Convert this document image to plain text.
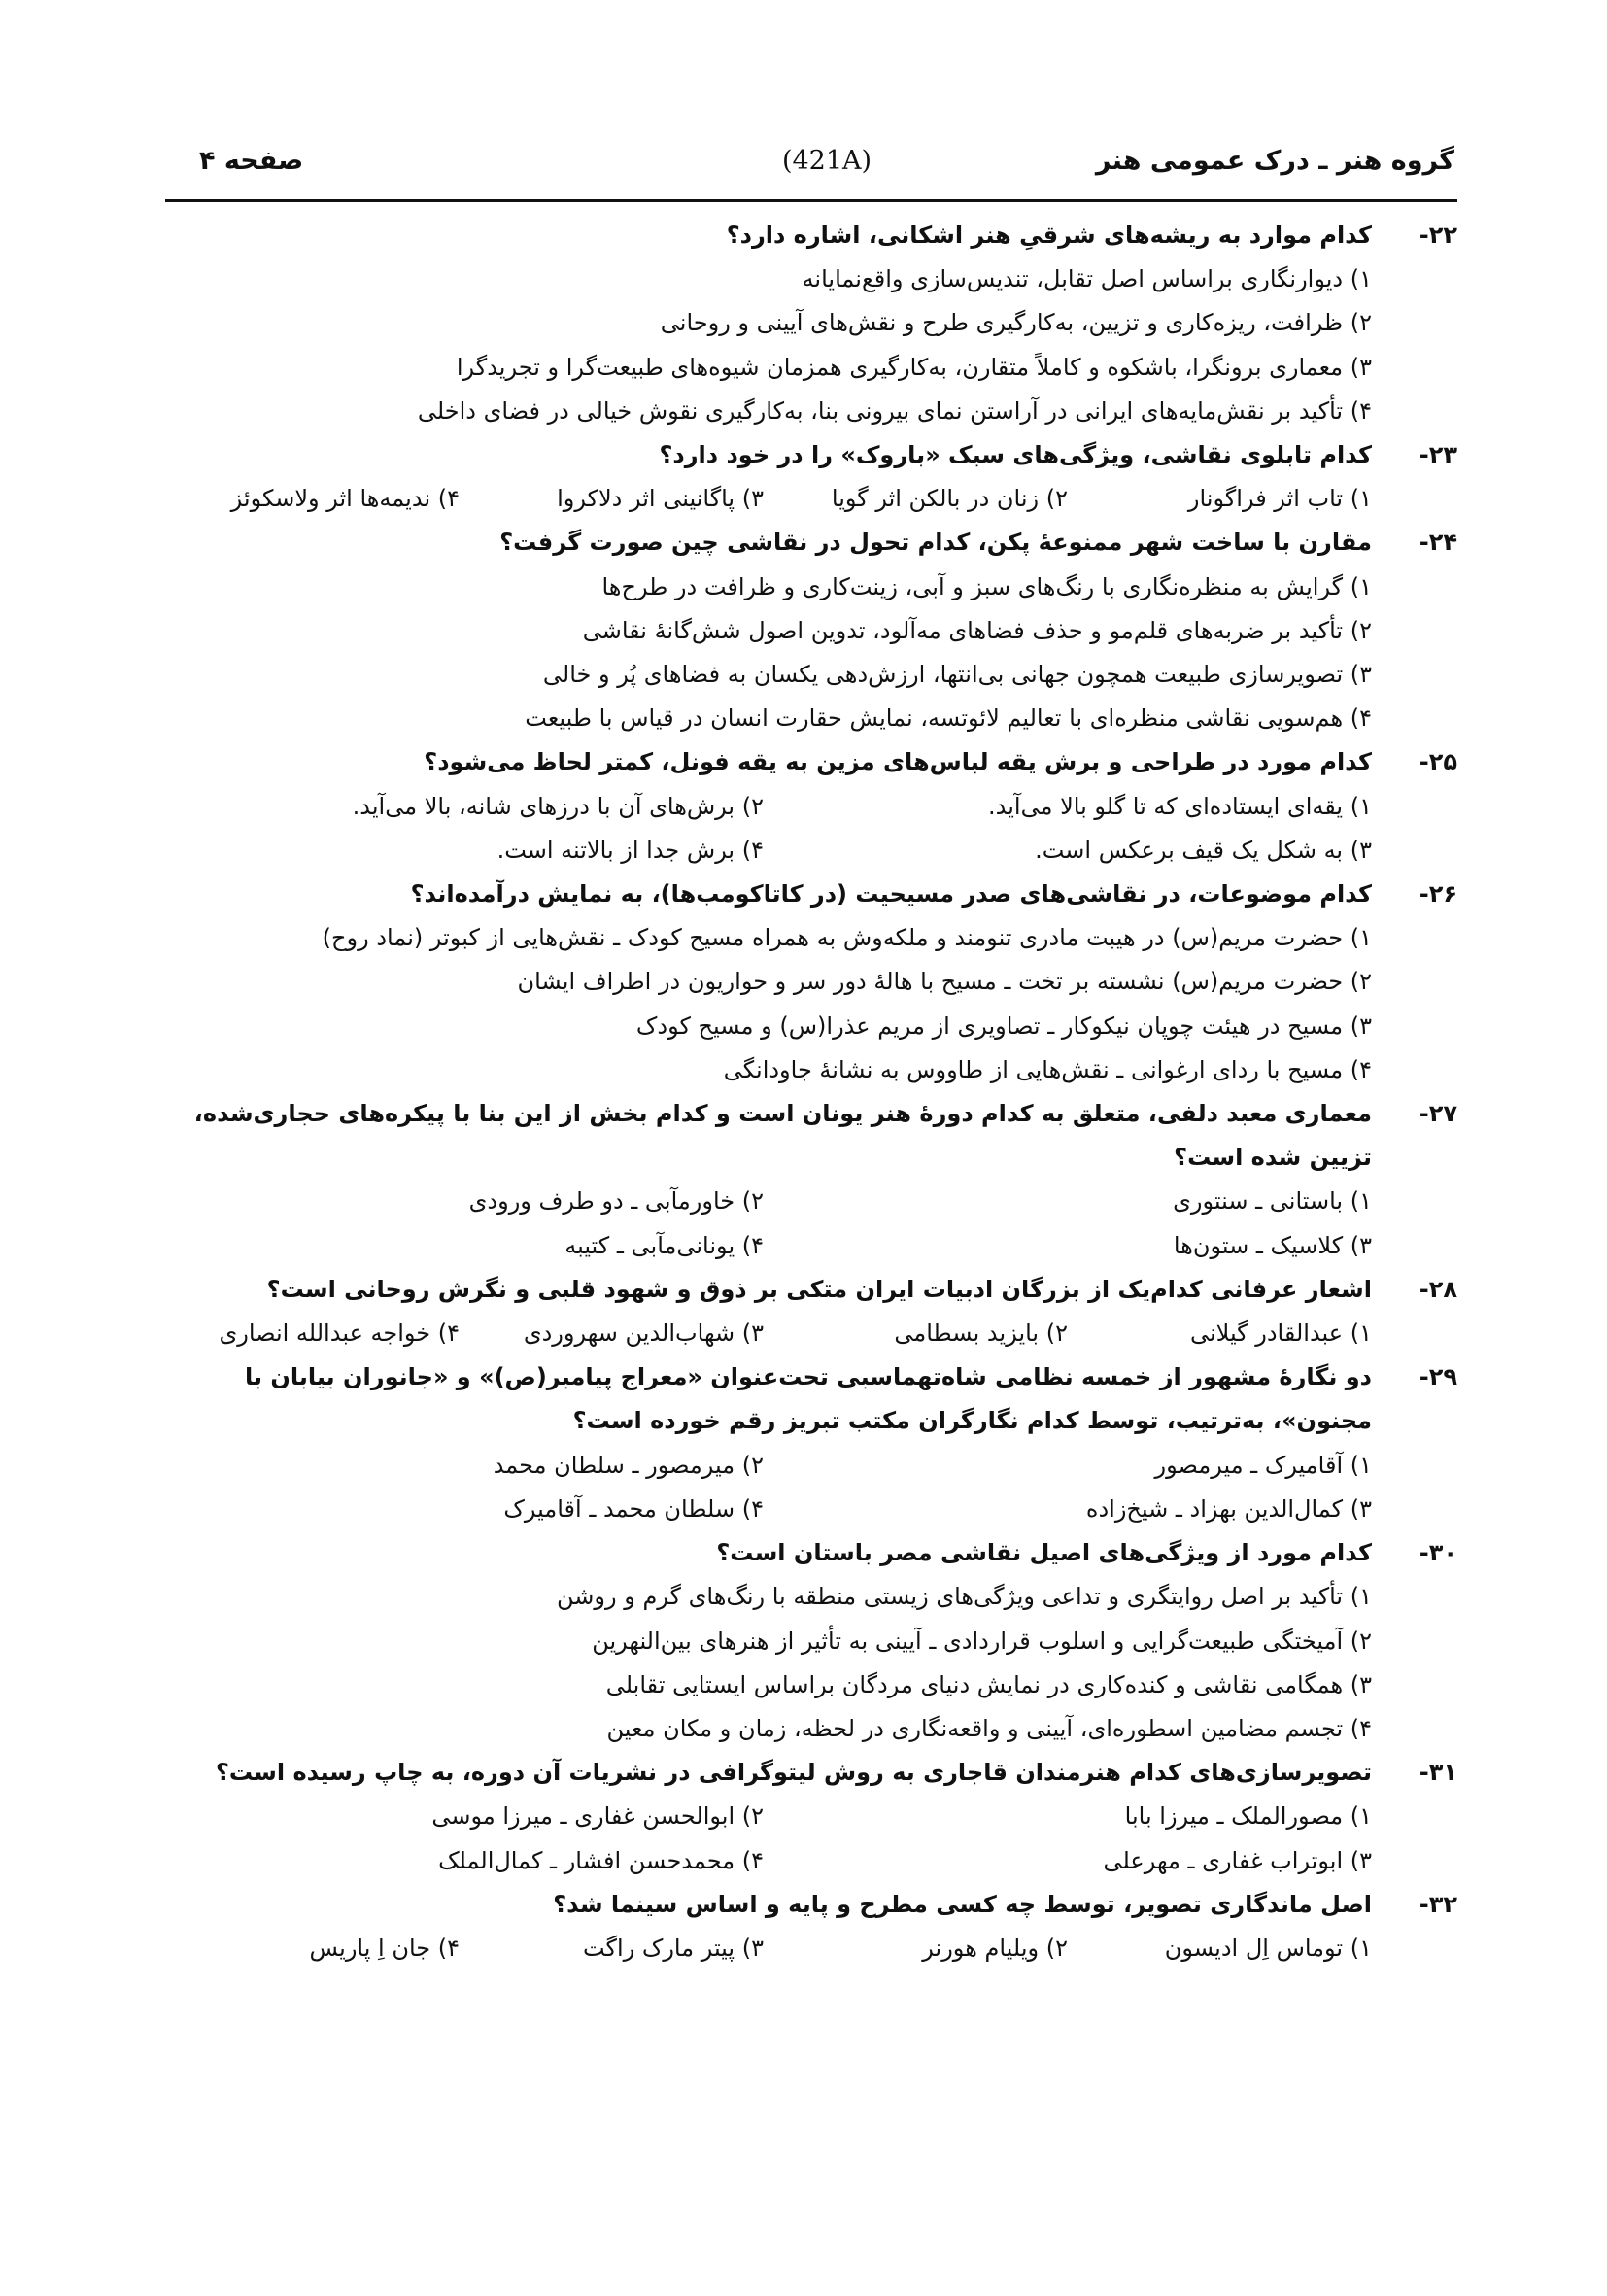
گروه هنر ـ درک عمومی هنر
(421A)
صفحه ۴
۲۲-
کدام موارد به ریشه‌های شرقیِ هنر اشکانی، اشاره دارد؟
۱) دیوارنگاری براساس اصل تقابل، تندیس‌سازی واقع‌نمایانه
۲) ظرافت، ریزه‌کاری و تزیین، به‌کارگیری طرح و نقش‌های آیینی و روحانی
۳) معماری برونگرا، باشکوه و کاملاً متقارن، به‌کارگیری همزمان شیوه‌های طبیعت‌گرا و تجریدگرا
۴) تأکید بر نقش‌مایه‌های ایرانی در آراستن نمای بیرونی بنا، به‌کارگیری نقوش خیالی در فضای داخلی
۲۳-
کدام تابلوی نقاشی، ویژگی‌های سبک «باروک» را در خود دارد؟
۱) تاب اثر فراگونار
۲) زنان در بالکن اثر گویا
۳) پاگانینی اثر دلاکروا
۴) ندیمه‌ها اثر ولاسکوئز
۲۴-
مقارن با ساخت شهر ممنوعهٔ پکن، کدام تحول در نقاشی چین صورت گرفت؟
۱) گرایش به منظره‌نگاری با رنگ‌های سبز و آبی، زینت‌کاری و ظرافت در طرح‌ها
۲) تأکید بر ضربه‌های قلم‌مو و حذف فضاهای مه‌آلود، تدوین اصول شش‌گانهٔ نقاشی
۳) تصویرسازی طبیعت همچون جهانی بی‌انتها، ارزش‌دهی یکسان به فضاهای پُر و خالی
۴) هم‌سویی نقاشی منظره‌ای با تعالیم لائوتسه، نمایش حقارت انسان در قیاس با طبیعت
۲۵-
کدام مورد در طراحی و برش یقه لباس‌های مزین به یقه فونل، کمتر لحاظ می‌شود؟
۱) یقه‌ای ایستاده‌ای که تا گلو بالا می‌آید.
۲) برش‌های آن با درزهای شانه، بالا می‌آید.
۳) به شکل یک قیف برعکس است.
۴) برش جدا از بالاتنه است.
۲۶-
کدام موضوعات، در نقاشی‌های صدر مسیحیت (در کاتاکومب‌ها)، به نمایش درآمده‌اند؟
۱) حضرت مریم(س) در هیبت مادری تنومند و ملکه‌وش به همراه مسیح کودک ـ نقش‌هایی از کبوتر (نماد روح)
۲) حضرت مریم(س) نشسته بر تخت ـ مسیح با هالهٔ دور سر و حواریون در اطراف ایشان
۳) مسیح در هیئت چوپان نیکوکار ـ تصاویری از مریم عذرا(س) و مسیح کودک
۴) مسیح با ردای ارغوانی ـ نقش‌هایی از طاووس به نشانهٔ جاودانگی
۲۷-
معماری معبد دلفی، متعلق به کدام دورهٔ هنر یونان است و کدام بخش از این بنا با پیکره‌های حجاری‌شده، تزیین شده است؟
۱) باستانی ـ سنتوری
۲) خاورمآبی ـ دو طرف ورودی
۳) کلاسیک ـ ستون‌ها
۴) یونانی‌مآبی ـ کتیبه
۲۸-
اشعار عرفانی کدام‌یک از بزرگان ادبیات ایران متکی بر ذوق و شهود قلبی و نگرش روحانی است؟
۱) عبدالقادر گیلانی
۲) بایزید بسطامی
۳) شهاب‌الدین سهروردی
۴) خواجه عبدالله انصاری
۲۹-
دو نگارهٔ مشهور از خمسه نظامی شاه‌تهماسبی تحت‌عنوان «معراج پیامبر(ص)» و «جانوران بیابان با مجنون»، به‌ترتیب، توسط کدام نگارگران مکتب تبریز رقم خورده است؟
۱) آقامیرک ـ میرمصور
۲) میرمصور ـ سلطان محمد
۳) کمال‌الدین بهزاد ـ شیخ‌زاده
۴) سلطان محمد ـ آقامیرک
۳۰-
کدام مورد از ویژگی‌های اصیل نقاشی مصر باستان است؟
۱) تأکید بر اصل روایتگری و تداعی ویژگی‌های زیستی منطقه با رنگ‌های گرم و روشن
۲) آمیختگی طبیعت‌گرایی و اسلوب قراردادی ـ آیینی به تأثیر از هنرهای بین‌النهرین
۳) همگامی نقاشی و کنده‌کاری در نمایش دنیای مردگان براساس ایستایی تقابلی
۴) تجسم مضامین اسطوره‌ای، آیینی و واقعه‌نگاری در لحظه، زمان و مکان معین
۳۱-
تصویرسازی‌های کدام هنرمندان قاجاری به روش لیتوگرافی در نشریات آن دوره، به چاپ رسیده است؟
۱) مصورالملک ـ میرزا بابا
۲) ابوالحسن غفاری ـ میرزا موسی
۳) ابوتراب غفاری ـ مهرعلی
۴) محمدحسن افشار ـ کمال‌الملک
۳۲-
اصل ماندگاری تصویر، توسط چه کسی مطرح و پایه و اساس سینما شد؟
۱) توماس اِل ادیسون
۲) ویلیام هورنر
۳) پیتر مارک راگت
۴) جان اِ پاریس
